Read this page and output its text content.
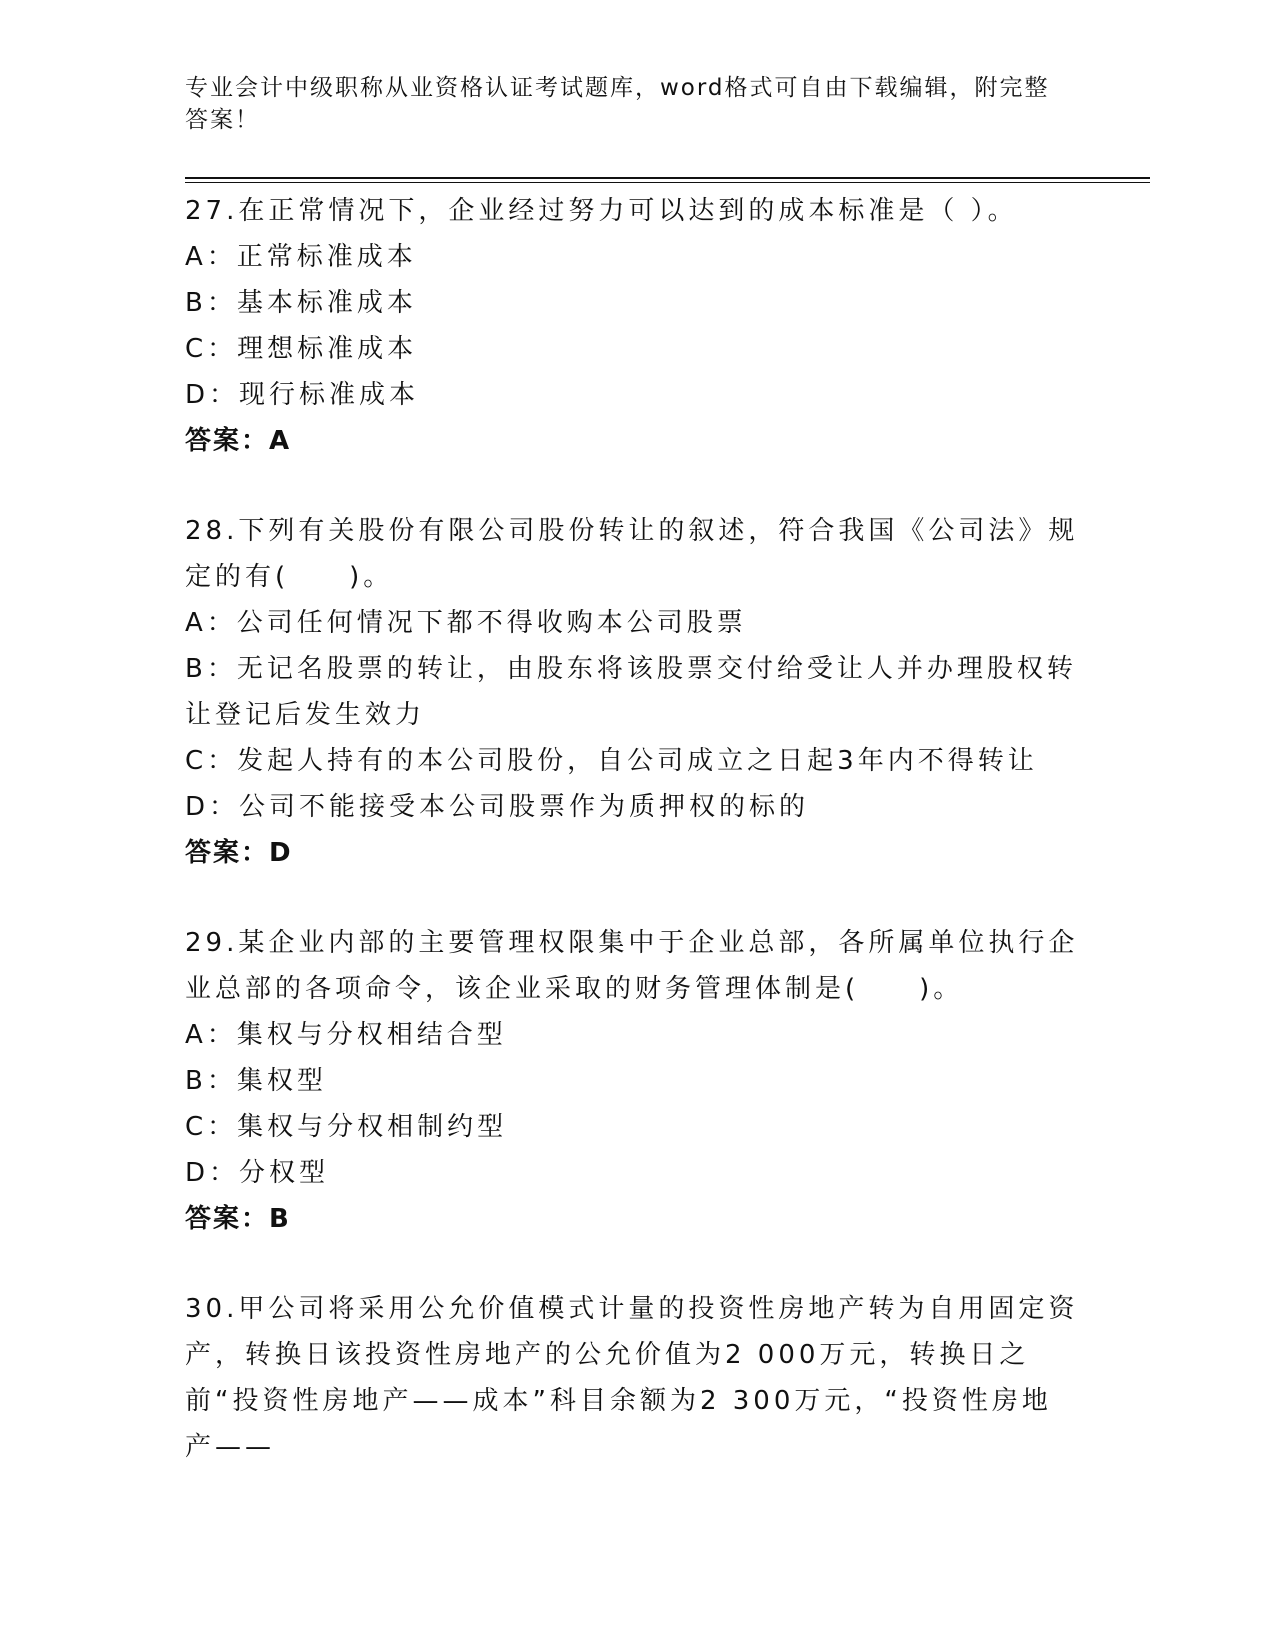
专业会计中级职称从业资格认证考试题库，word格式可自由下载编辑，附完整答案！
27.在正常情况下，企业经过努力可以达到的成本标准是（ ）。
A：正常标准成本
B：基本标准成本
C：理想标准成本
D：现行标准成本
答案：A
28.下列有关股份有限公司股份转让的叙述，符合我国《公司法》规定的有(　　)。
A：公司任何情况下都不得收购本公司股票
B：无记名股票的转让，由股东将该股票交付给受让人并办理股权转让登记后发生效力
C：发起人持有的本公司股份，自公司成立之日起3年内不得转让
D：公司不能接受本公司股票作为质押权的标的
答案：D
29.某企业内部的主要管理权限集中于企业总部，各所属单位执行企业总部的各项命令，该企业采取的财务管理体制是(　　)。
A：集权与分权相结合型
B：集权型
C：集权与分权相制约型
D：分权型
答案：B
30.甲公司将采用公允价值模式计量的投资性房地产转为自用固定资产，转换日该投资性房地产的公允价值为2 000万元，转换日之前“投资性房地产——成本”科目余额为2 300万元，“投资性房地产——
